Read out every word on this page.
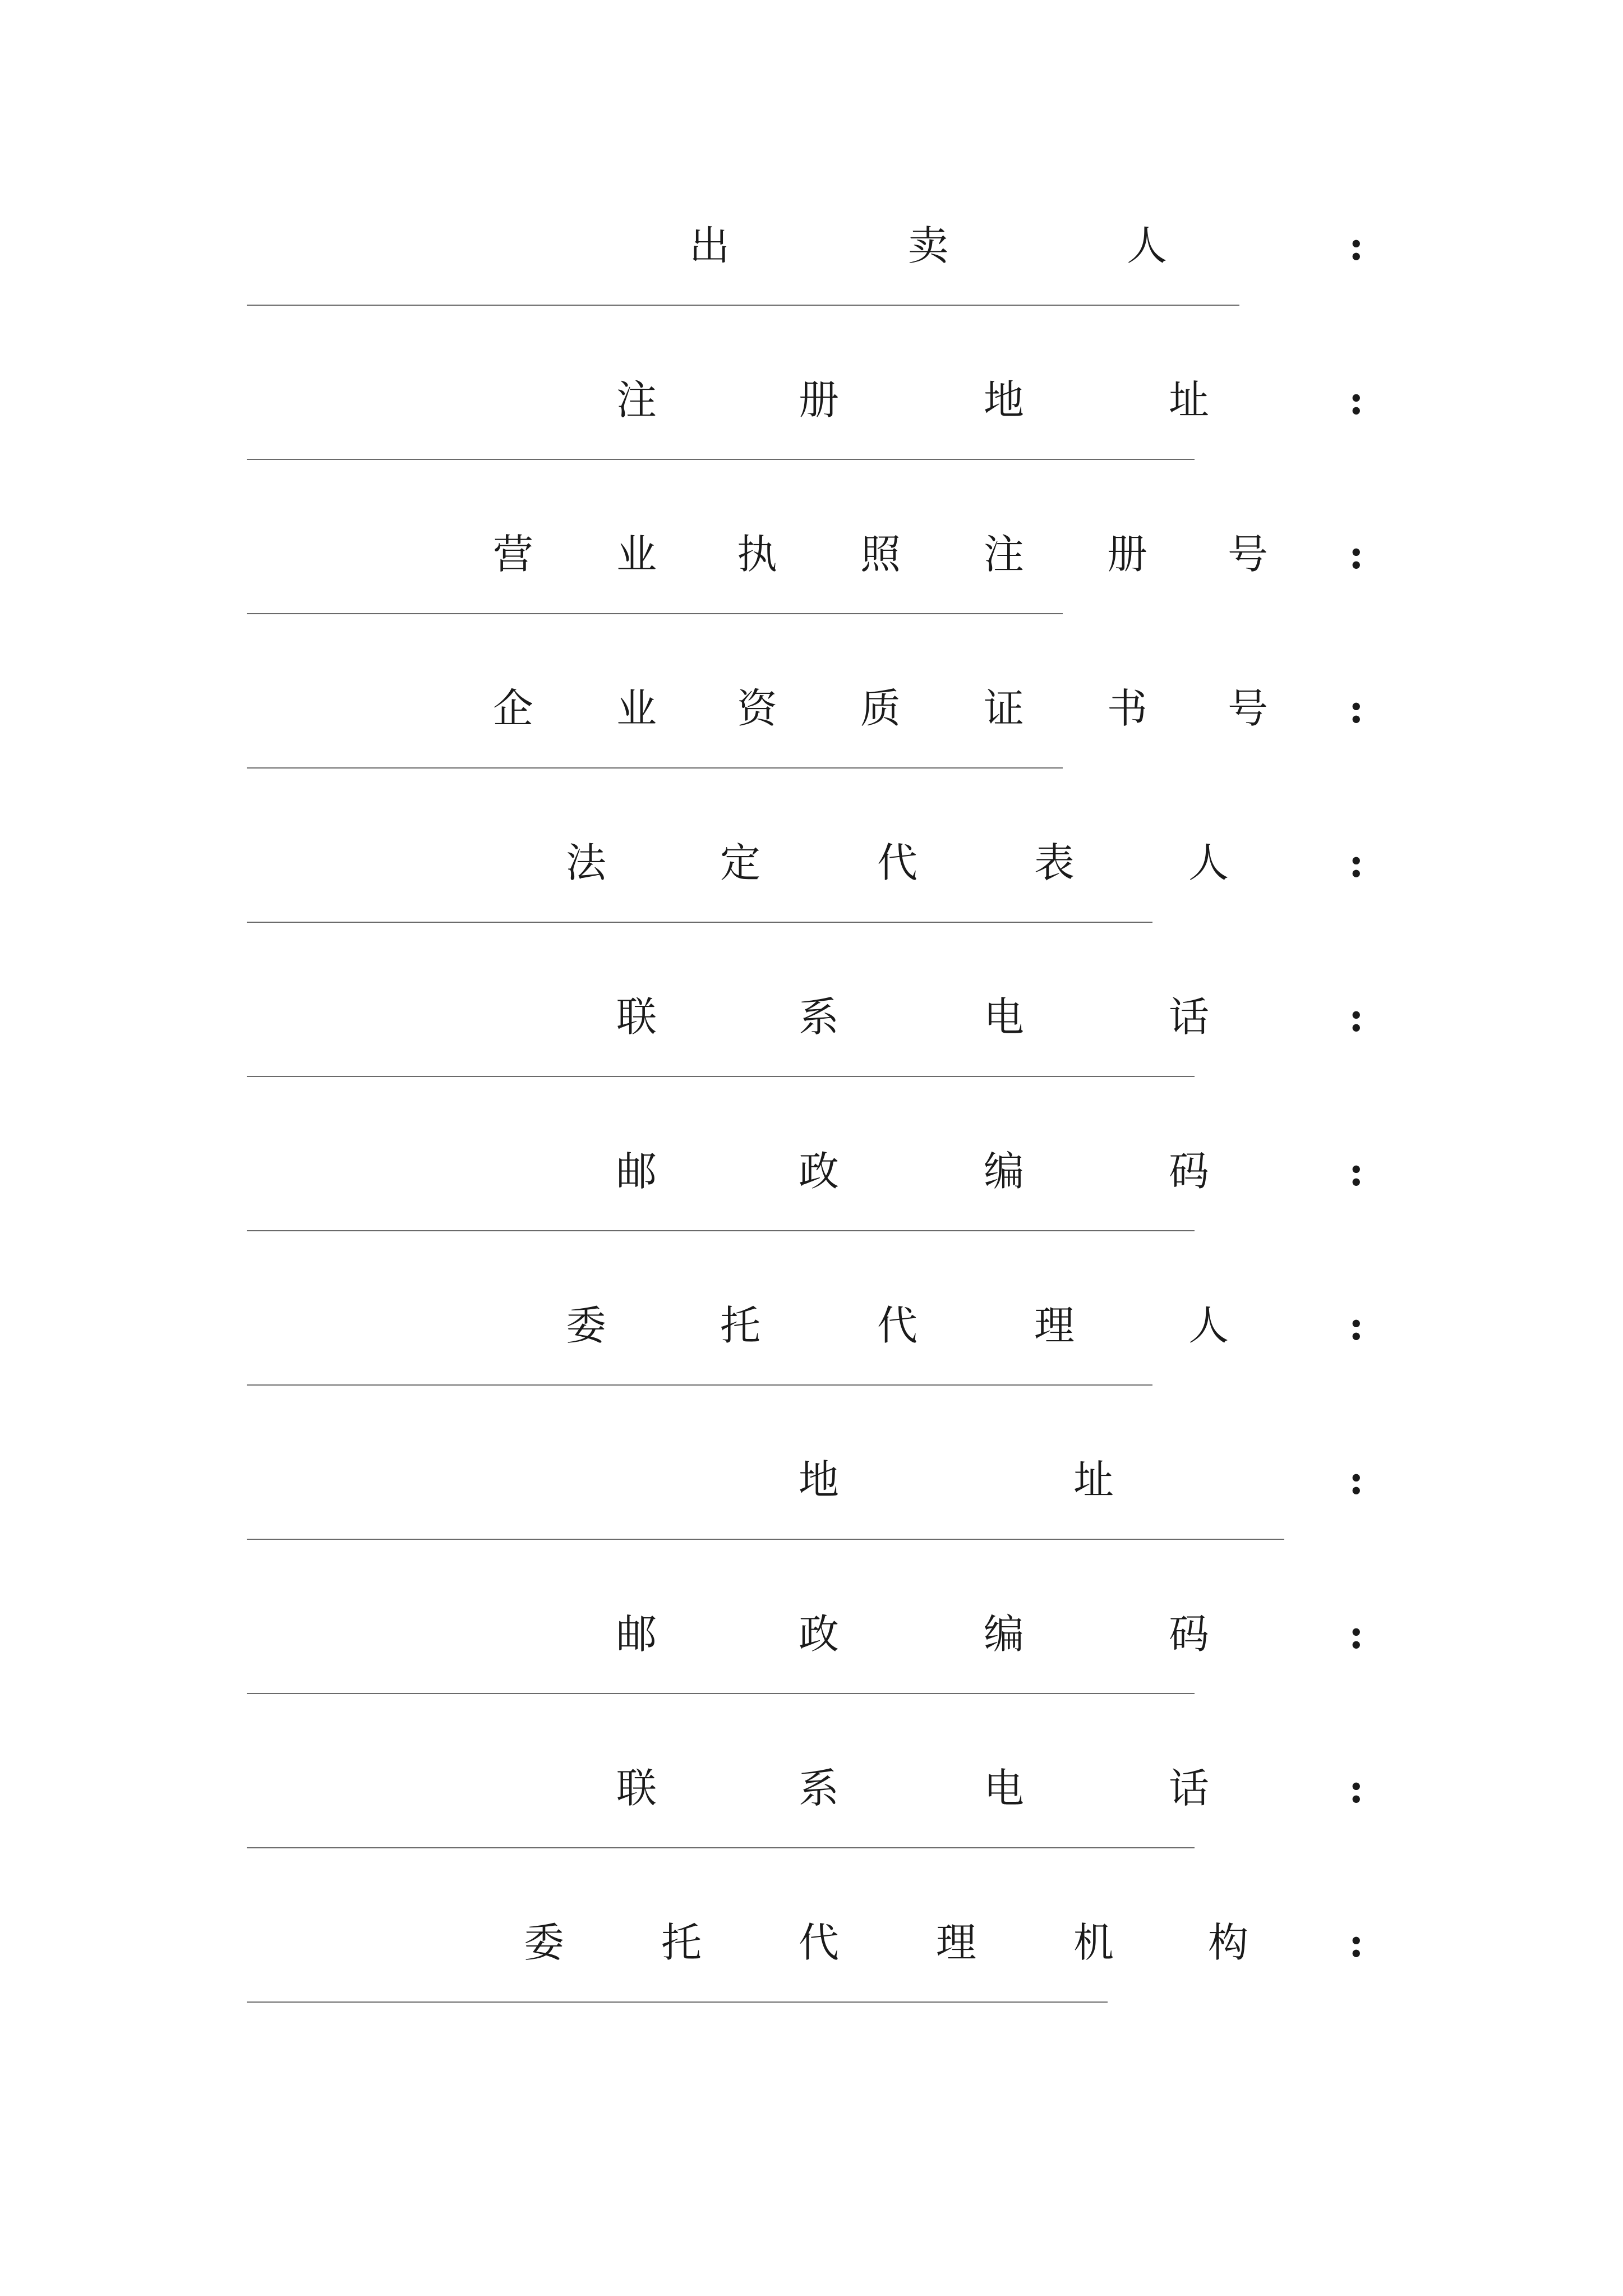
出	卖	人	:
注	册	地	址	:
营 业 执 照 注 册 号 :
企 业 资 质 证 书 号 :
法	定	代	表	人	:
联	系	电	话	:
邮	政	编	码	:
委	托	代	理	人	:
地	址	:
邮	政	编	码	:
联	系	电	话	:
委 托 代 理 机 构 :
